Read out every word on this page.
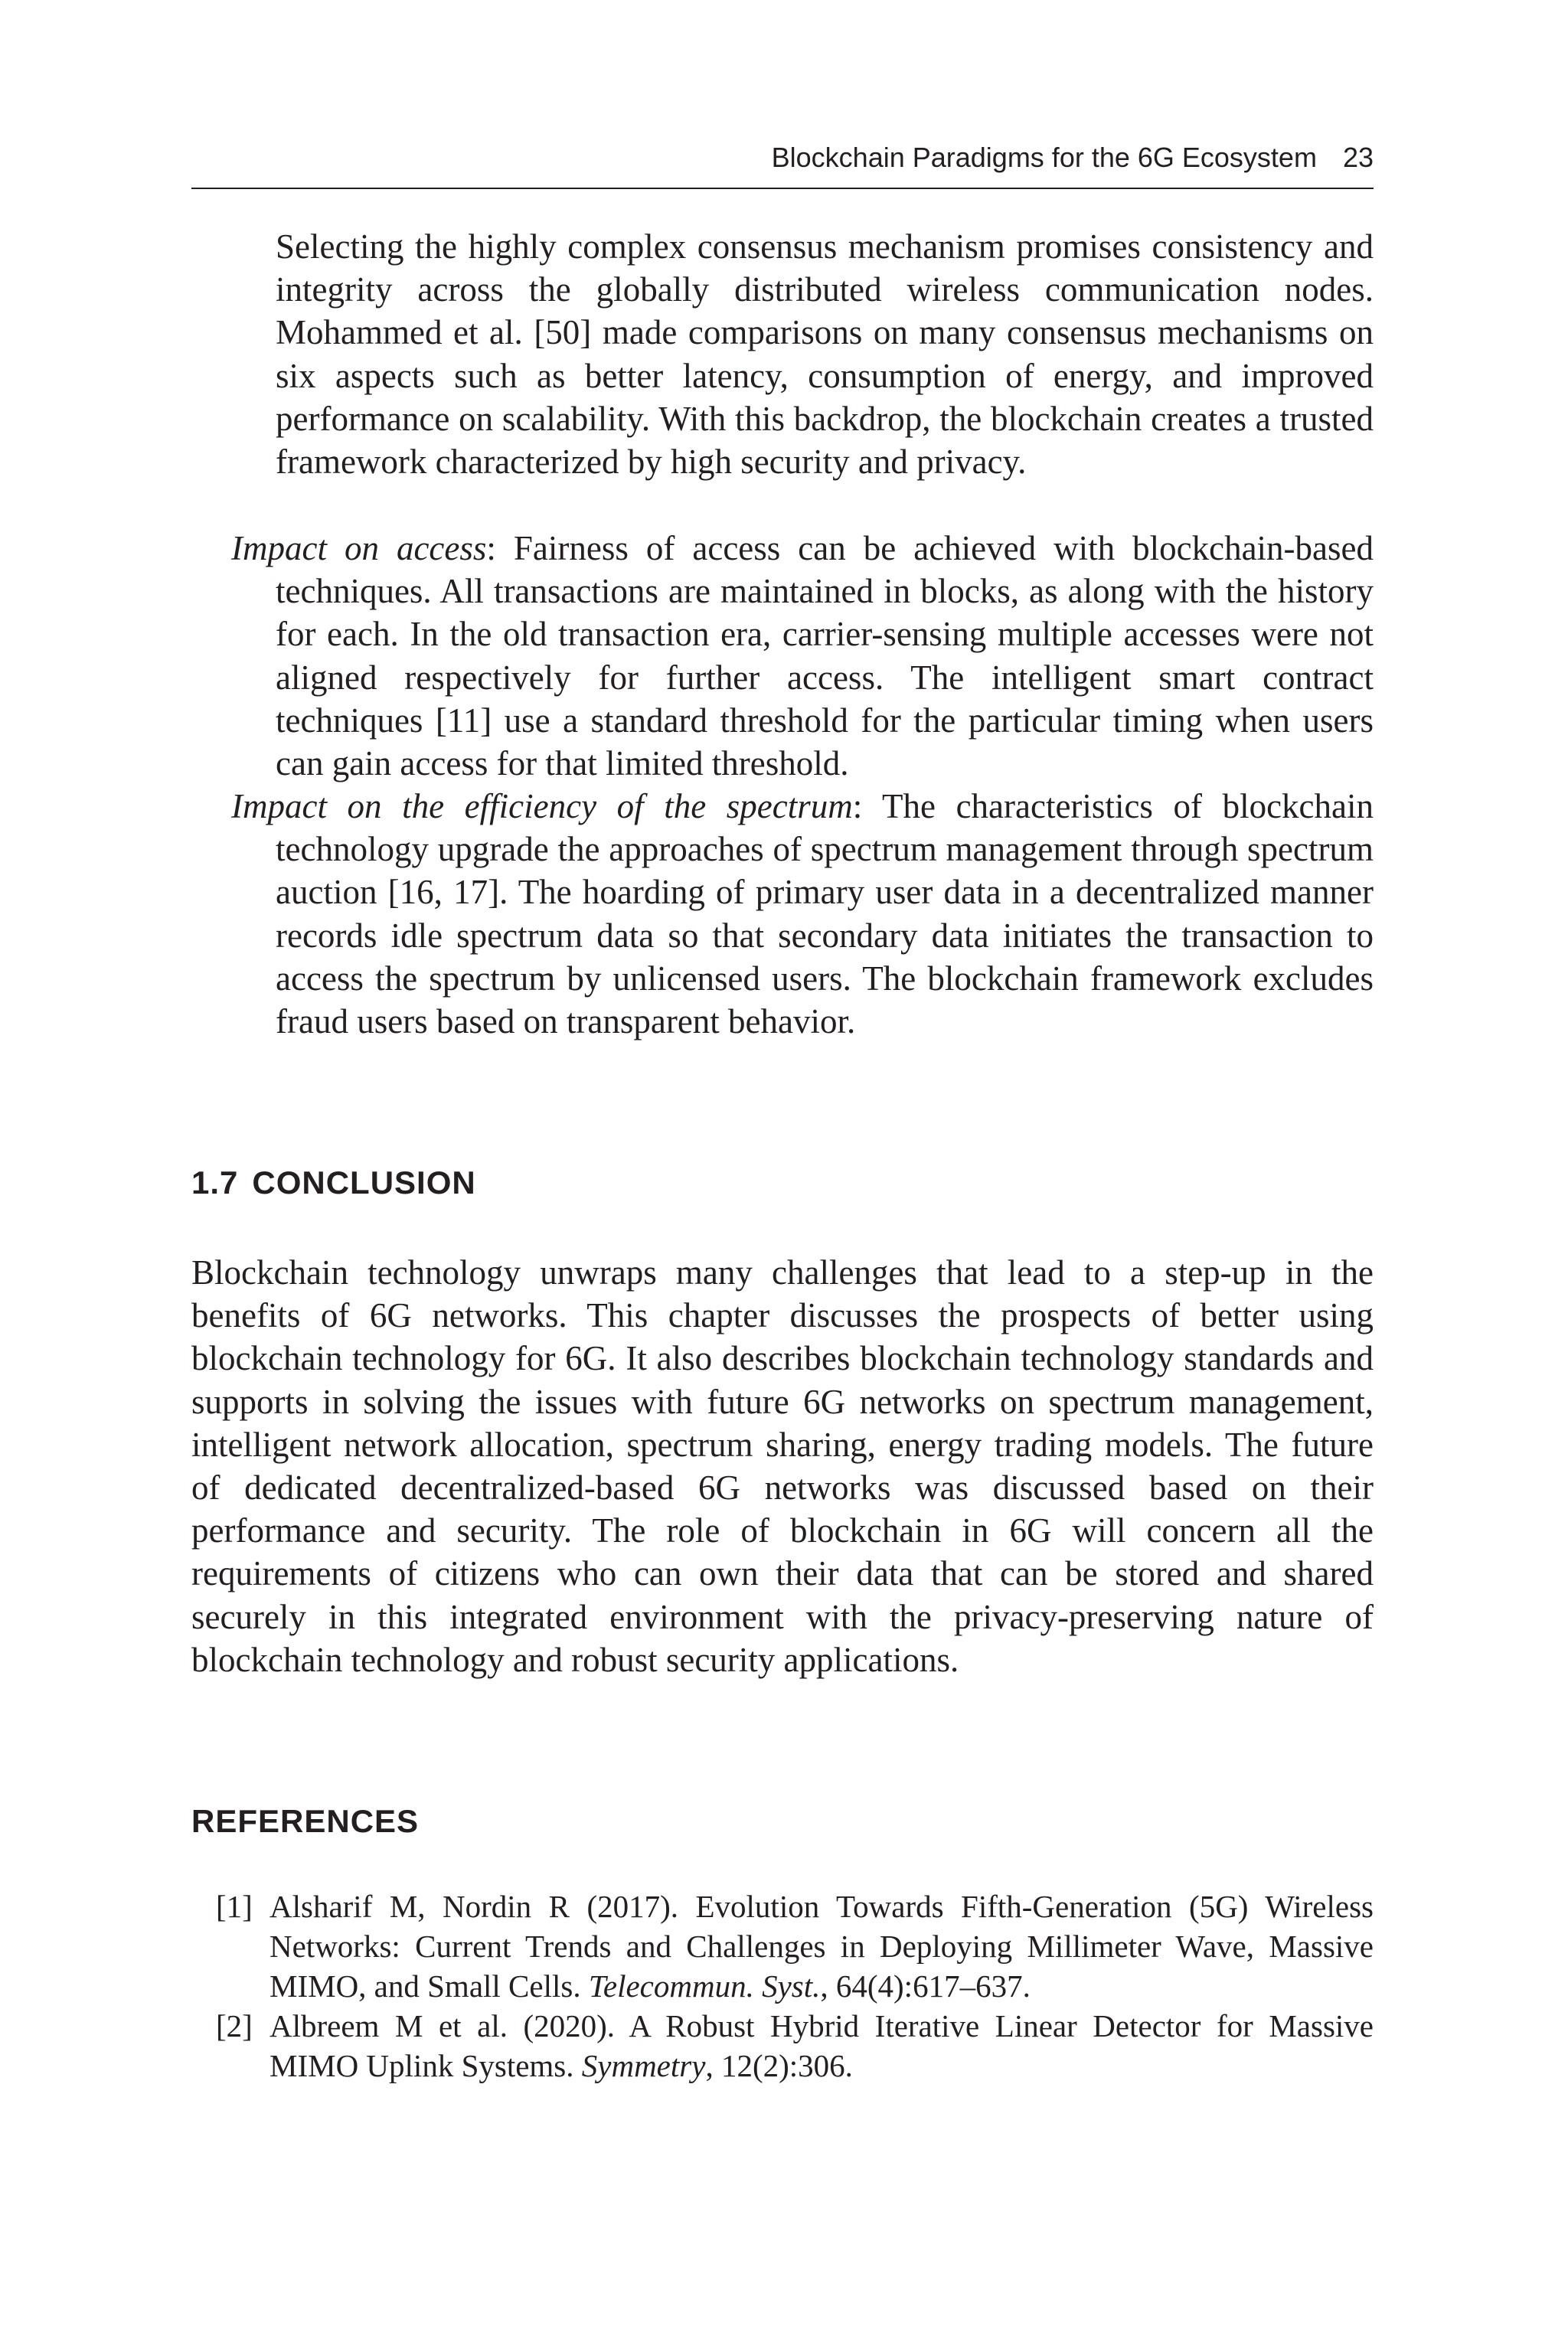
Blockchain Paradigms for the 6G Ecosystem 23

Selecting the highly complex consensus mechanism promises consistency and integrity across the globally distributed wireless communication nodes. Mohammed et al. [50] made comparisons on many consensus mechanisms on six aspects such as better latency, consumption of energy, and improved performance on scalability. With this backdrop, the blockchain creates a trusted framework characterized by high security and privacy.

Impact on access: Fairness of access can be achieved with blockchain-based techniques. All transactions are maintained in blocks, as along with the history for each. In the old transaction era, carrier-sensing multiple accesses were not aligned respectively for further access. The intelligent smart contract techniques [11] use a standard threshold for the particular timing when users can gain access for that limited threshold.

Impact on the efficiency of the spectrum: The characteristics of blockchain technology upgrade the approaches of spectrum management through spectrum auction [16, 17]. The hoarding of primary user data in a decentralized manner records idle spectrum data so that secondary data initiates the transaction to access the spectrum by unlicensed users. The blockchain framework excludes fraud users based on transparent behavior.

1.7 CONCLUSION

Blockchain technology unwraps many challenges that lead to a step-up in the benefits of 6G networks. This chapter discusses the prospects of better using blockchain technology for 6G. It also describes blockchain technology standards and supports in solving the issues with future 6G networks on spectrum management, intelligent network allocation, spectrum sharing, energy trading models. The future of dedicated decentralized-based 6G networks was discussed based on their performance and security. The role of blockchain in 6G will concern all the requirements of citizens who can own their data that can be stored and shared securely in this integrated environment with the privacy-preserving nature of blockchain technology and robust security applications.

REFERENCES
[1] Alsharif M, Nordin R (2017). Evolution Towards Fifth-Generation (5G) Wireless Networks: Current Trends and Challenges in Deploying Millimeter Wave, Massive MIMO, and Small Cells. Telecommun. Syst., 64(4):617–637.
[2] Albreem M et al. (2020). A Robust Hybrid Iterative Linear Detector for Massive MIMO Uplink Systems. Symmetry, 12(2):306.
